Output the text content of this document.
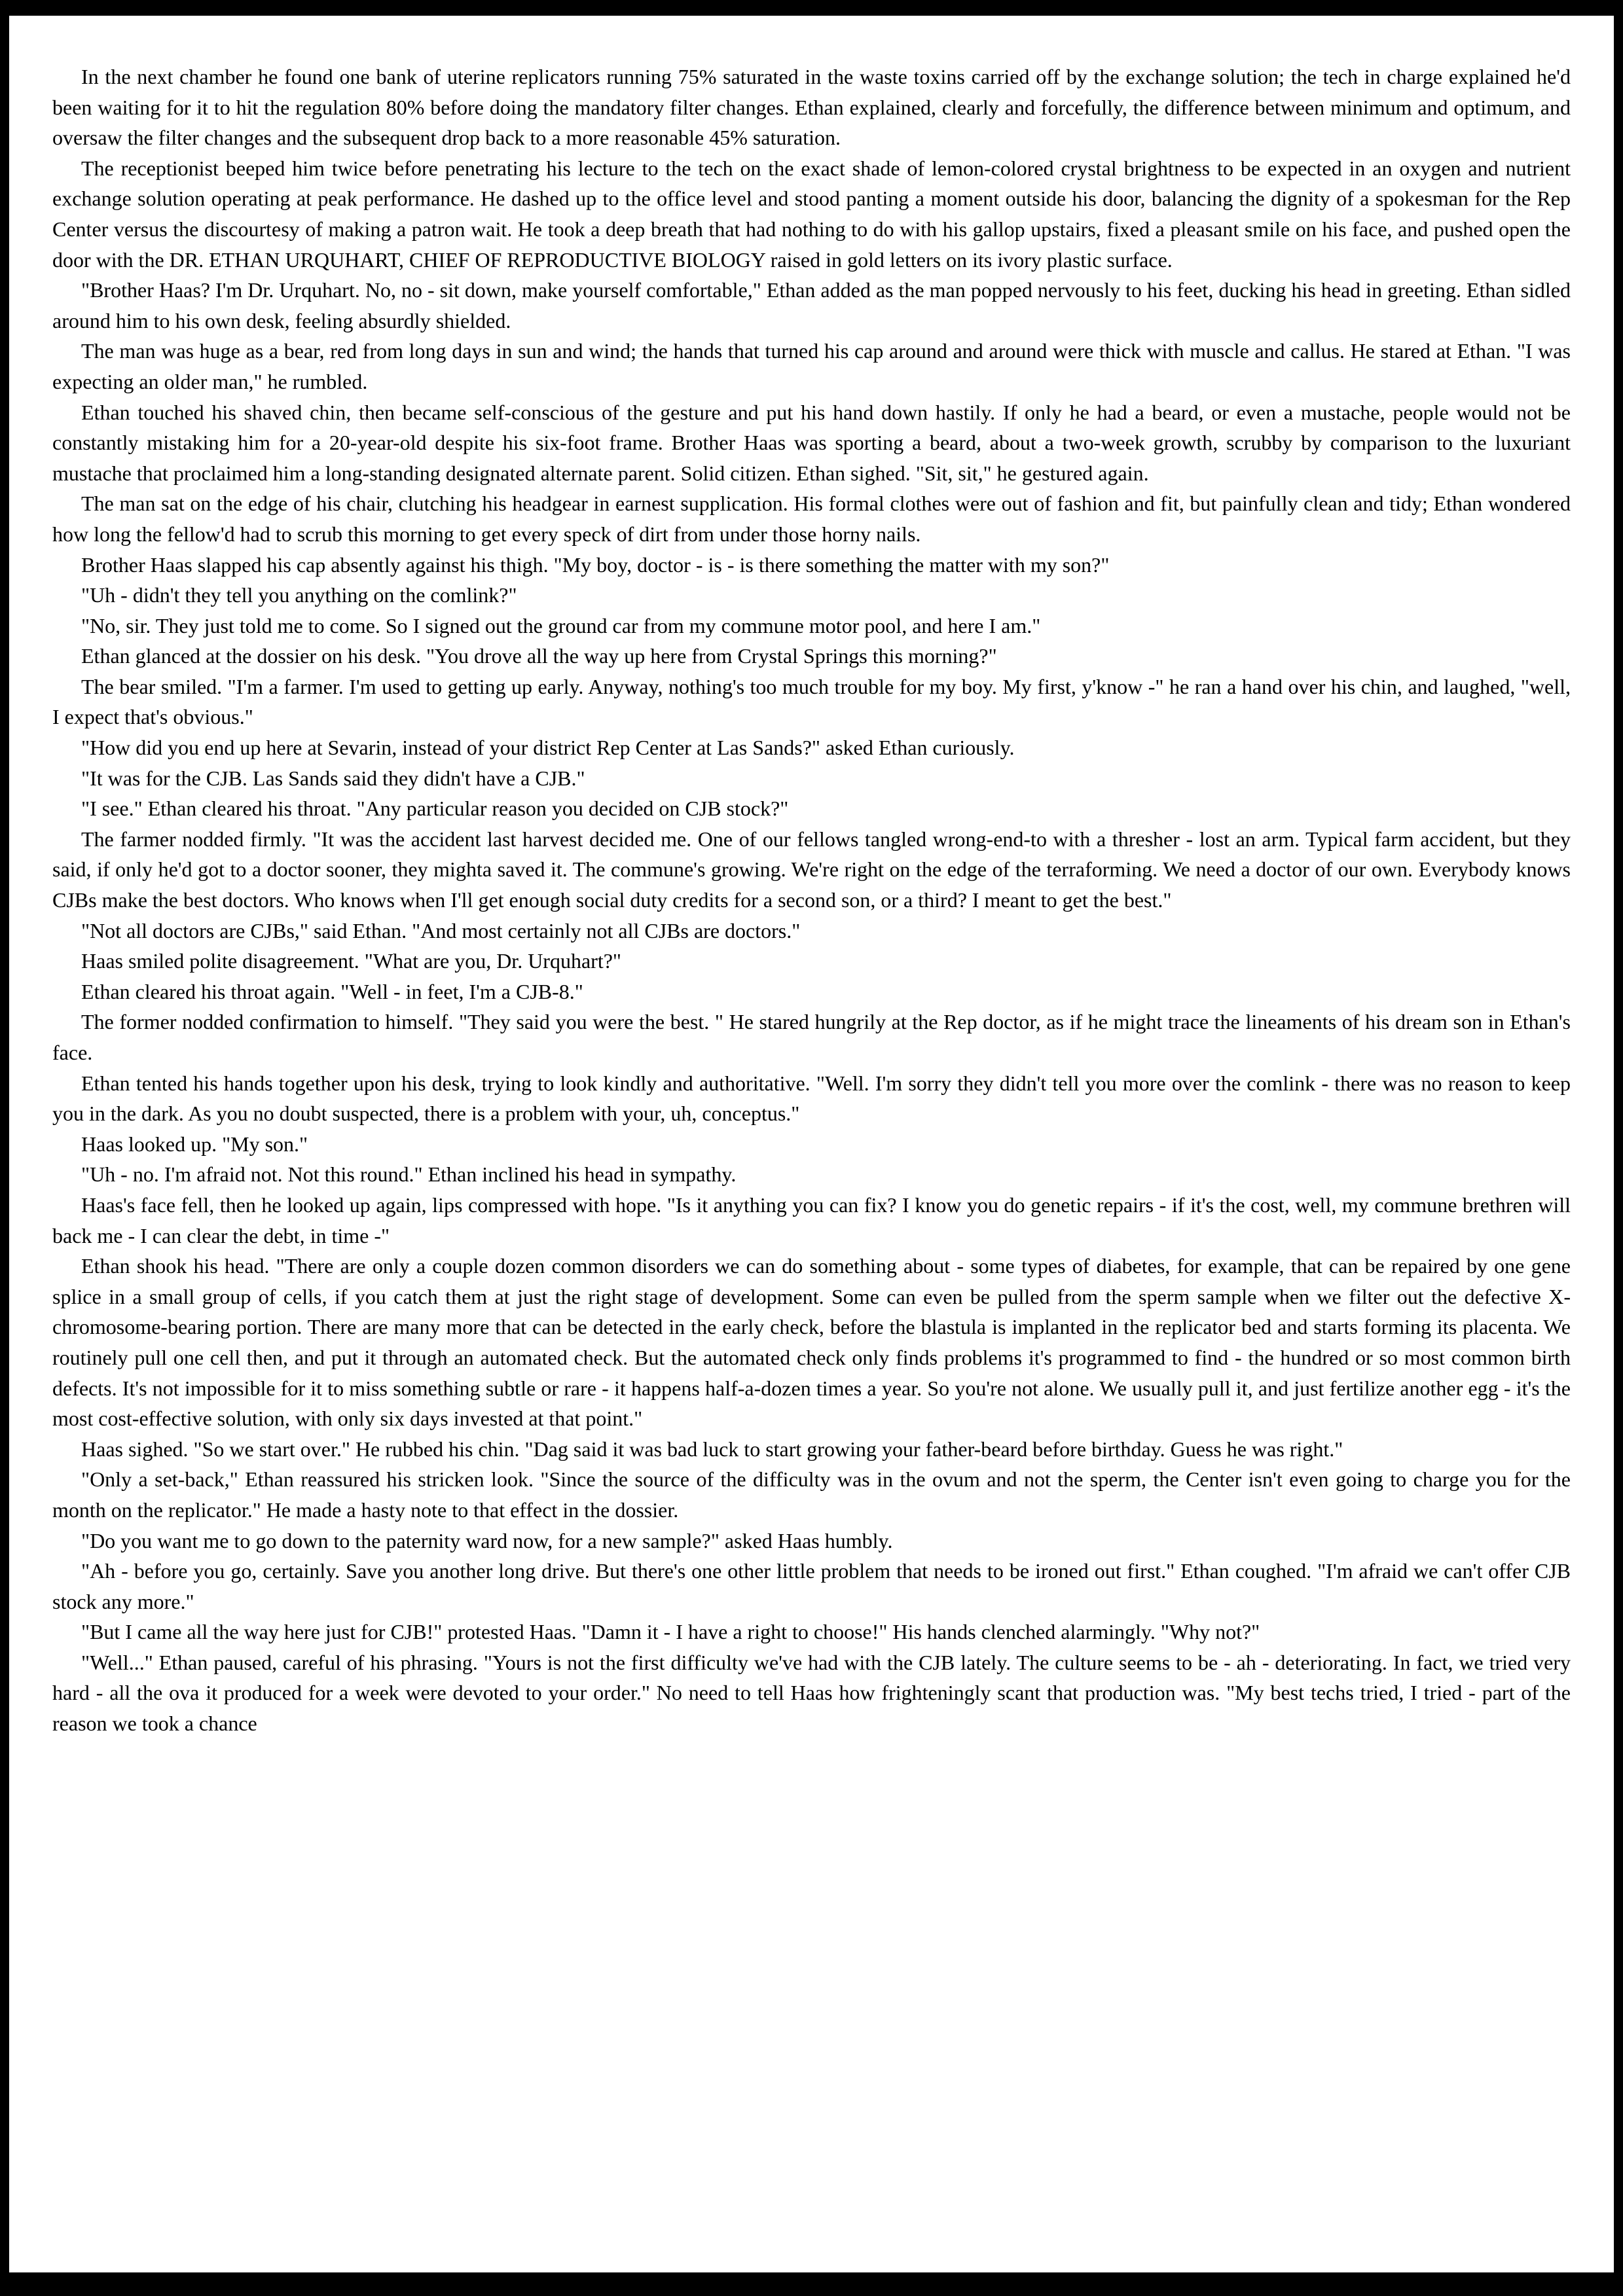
In the next chamber he found one bank of uterine replicators running 75% saturated in the waste toxins carried off by the exchange solution; the tech in charge explained he'd been waiting for it to hit the regulation 80% before doing the mandatory filter changes. Ethan explained, clearly and forcefully, the difference between minimum and optimum, and oversaw the filter changes and the subsequent drop back to a more reasonable 45% saturation.

The receptionist beeped him twice before penetrating his lecture to the tech on the exact shade of lemon-colored crystal brightness to be expected in an oxygen and nutrient exchange solution operating at peak performance. He dashed up to the office level and stood panting a moment outside his door, balancing the dignity of a spokesman for the Rep Center versus the discourtesy of making a patron wait. He took a deep breath that had nothing to do with his gallop upstairs, fixed a pleasant smile on his face, and pushed open the door with the DR. ETHAN URQUHART, CHIEF OF REPRODUCTIVE BIOLOGY raised in gold letters on its ivory plastic surface.

"Brother Haas? I'm Dr. Urquhart. No, no - sit down, make yourself comfortable," Ethan added as the man popped nervously to his feet, ducking his head in greeting. Ethan sidled around him to his own desk, feeling absurdly shielded.

The man was huge as a bear, red from long days in sun and wind; the hands that turned his cap around and around were thick with muscle and callus. He stared at Ethan. "I was expecting an older man," he rumbled.

Ethan touched his shaved chin, then became self-conscious of the gesture and put his hand down hastily. If only he had a beard, or even a mustache, people would not be constantly mistaking him for a 20-year-old despite his six-foot frame. Brother Haas was sporting a beard, about a two-week growth, scrubby by comparison to the luxuriant mustache that proclaimed him a long-standing designated alternate parent. Solid citizen. Ethan sighed. "Sit, sit," he gestured again.

The man sat on the edge of his chair, clutching his headgear in earnest supplication. His formal clothes were out of fashion and fit, but painfully clean and tidy; Ethan wondered how long the fellow'd had to scrub this morning to get every speck of dirt from under those horny nails.

Brother Haas slapped his cap absently against his thigh. "My boy, doctor - is - is there something the matter with my son?"

"Uh - didn't they tell you anything on the comlink?"

"No, sir. They just told me to come. So I signed out the ground car from my commune motor pool, and here I am."

Ethan glanced at the dossier on his desk. "You drove all the way up here from Crystal Springs this morning?"

The bear smiled. "I'm a farmer. I'm used to getting up early. Anyway, nothing's too much trouble for my boy. My first, y'know -" he ran a hand over his chin, and laughed, "well, I expect that's obvious."

"How did you end up here at Sevarin, instead of your district Rep Center at Las Sands?" asked Ethan curiously.

"It was for the CJB. Las Sands said they didn't have a CJB."

"I see." Ethan cleared his throat. "Any particular reason you decided on CJB stock?"

The farmer nodded firmly. "It was the accident last harvest decided me. One of our fellows tangled wrong-end-to with a thresher - lost an arm. Typical farm accident, but they said, if only he'd got to a doctor sooner, they mighta saved it. The commune's growing. We're right on the edge of the terraforming. We need a doctor of our own. Everybody knows CJBs make the best doctors. Who knows when I'll get enough social duty credits for a second son, or a third? I meant to get the best."

"Not all doctors are CJBs," said Ethan. "And most certainly not all CJBs are doctors."

Haas smiled polite disagreement. "What are you, Dr. Urquhart?"

Ethan cleared his throat again. "Well - in feet, I'm a CJB-8."

The former nodded confirmation to himself. "They said you were the best. " He stared hungrily at the Rep doctor, as if he might trace the lineaments of his dream son in Ethan's face.

Ethan tented his hands together upon his desk, trying to look kindly and authoritative. "Well. I'm sorry they didn't tell you more over the comlink - there was no reason to keep you in the dark. As you no doubt suspected, there is a problem with your, uh, conceptus."

Haas looked up. "My son."

"Uh - no. I'm afraid not. Not this round." Ethan inclined his head in sympathy.

Haas's face fell, then he looked up again, lips compressed with hope. "Is it anything you can fix? I know you do genetic repairs - if it's the cost, well, my commune brethren will back me - I can clear the debt, in time -"

Ethan shook his head. "There are only a couple dozen common disorders we can do something about - some types of diabetes, for example, that can be repaired by one gene splice in a small group of cells, if you catch them at just the right stage of development. Some can even be pulled from the sperm sample when we filter out the defective X-chromosome-bearing portion. There are many more that can be detected in the early check, before the blastula is implanted in the replicator bed and starts forming its placenta. We routinely pull one cell then, and put it through an automated check. But the automated check only finds problems it's programmed to find - the hundred or so most common birth defects. It's not impossible for it to miss something subtle or rare - it happens half-a-dozen times a year. So you're not alone. We usually pull it, and just fertilize another egg - it's the most cost-effective solution, with only six days invested at that point."

Haas sighed. "So we start over." He rubbed his chin. "Dag said it was bad luck to start growing your father-beard before birthday. Guess he was right."

"Only a set-back," Ethan reassured his stricken look. "Since the source of the difficulty was in the ovum and not the sperm, the Center isn't even going to charge you for the month on the replicator." He made a hasty note to that effect in the dossier.

"Do you want me to go down to the paternity ward now, for a new sample?" asked Haas humbly.

"Ah - before you go, certainly. Save you another long drive. But there's one other little problem that needs to be ironed out first." Ethan coughed. "I'm afraid we can't offer CJB stock any more."

"But I came all the way here just for CJB!" protested Haas. "Damn it - I have a right to choose!" His hands clenched alarmingly. "Why not?"

"Well..." Ethan paused, careful of his phrasing. "Yours is not the first difficulty we've had with the CJB lately. The culture seems to be - ah - deteriorating. In fact, we tried very hard - all the ova it produced for a week were devoted to your order." No need to tell Haas how frighteningly scant that production was. "My best techs tried, I tried - part of the reason we took a chance
